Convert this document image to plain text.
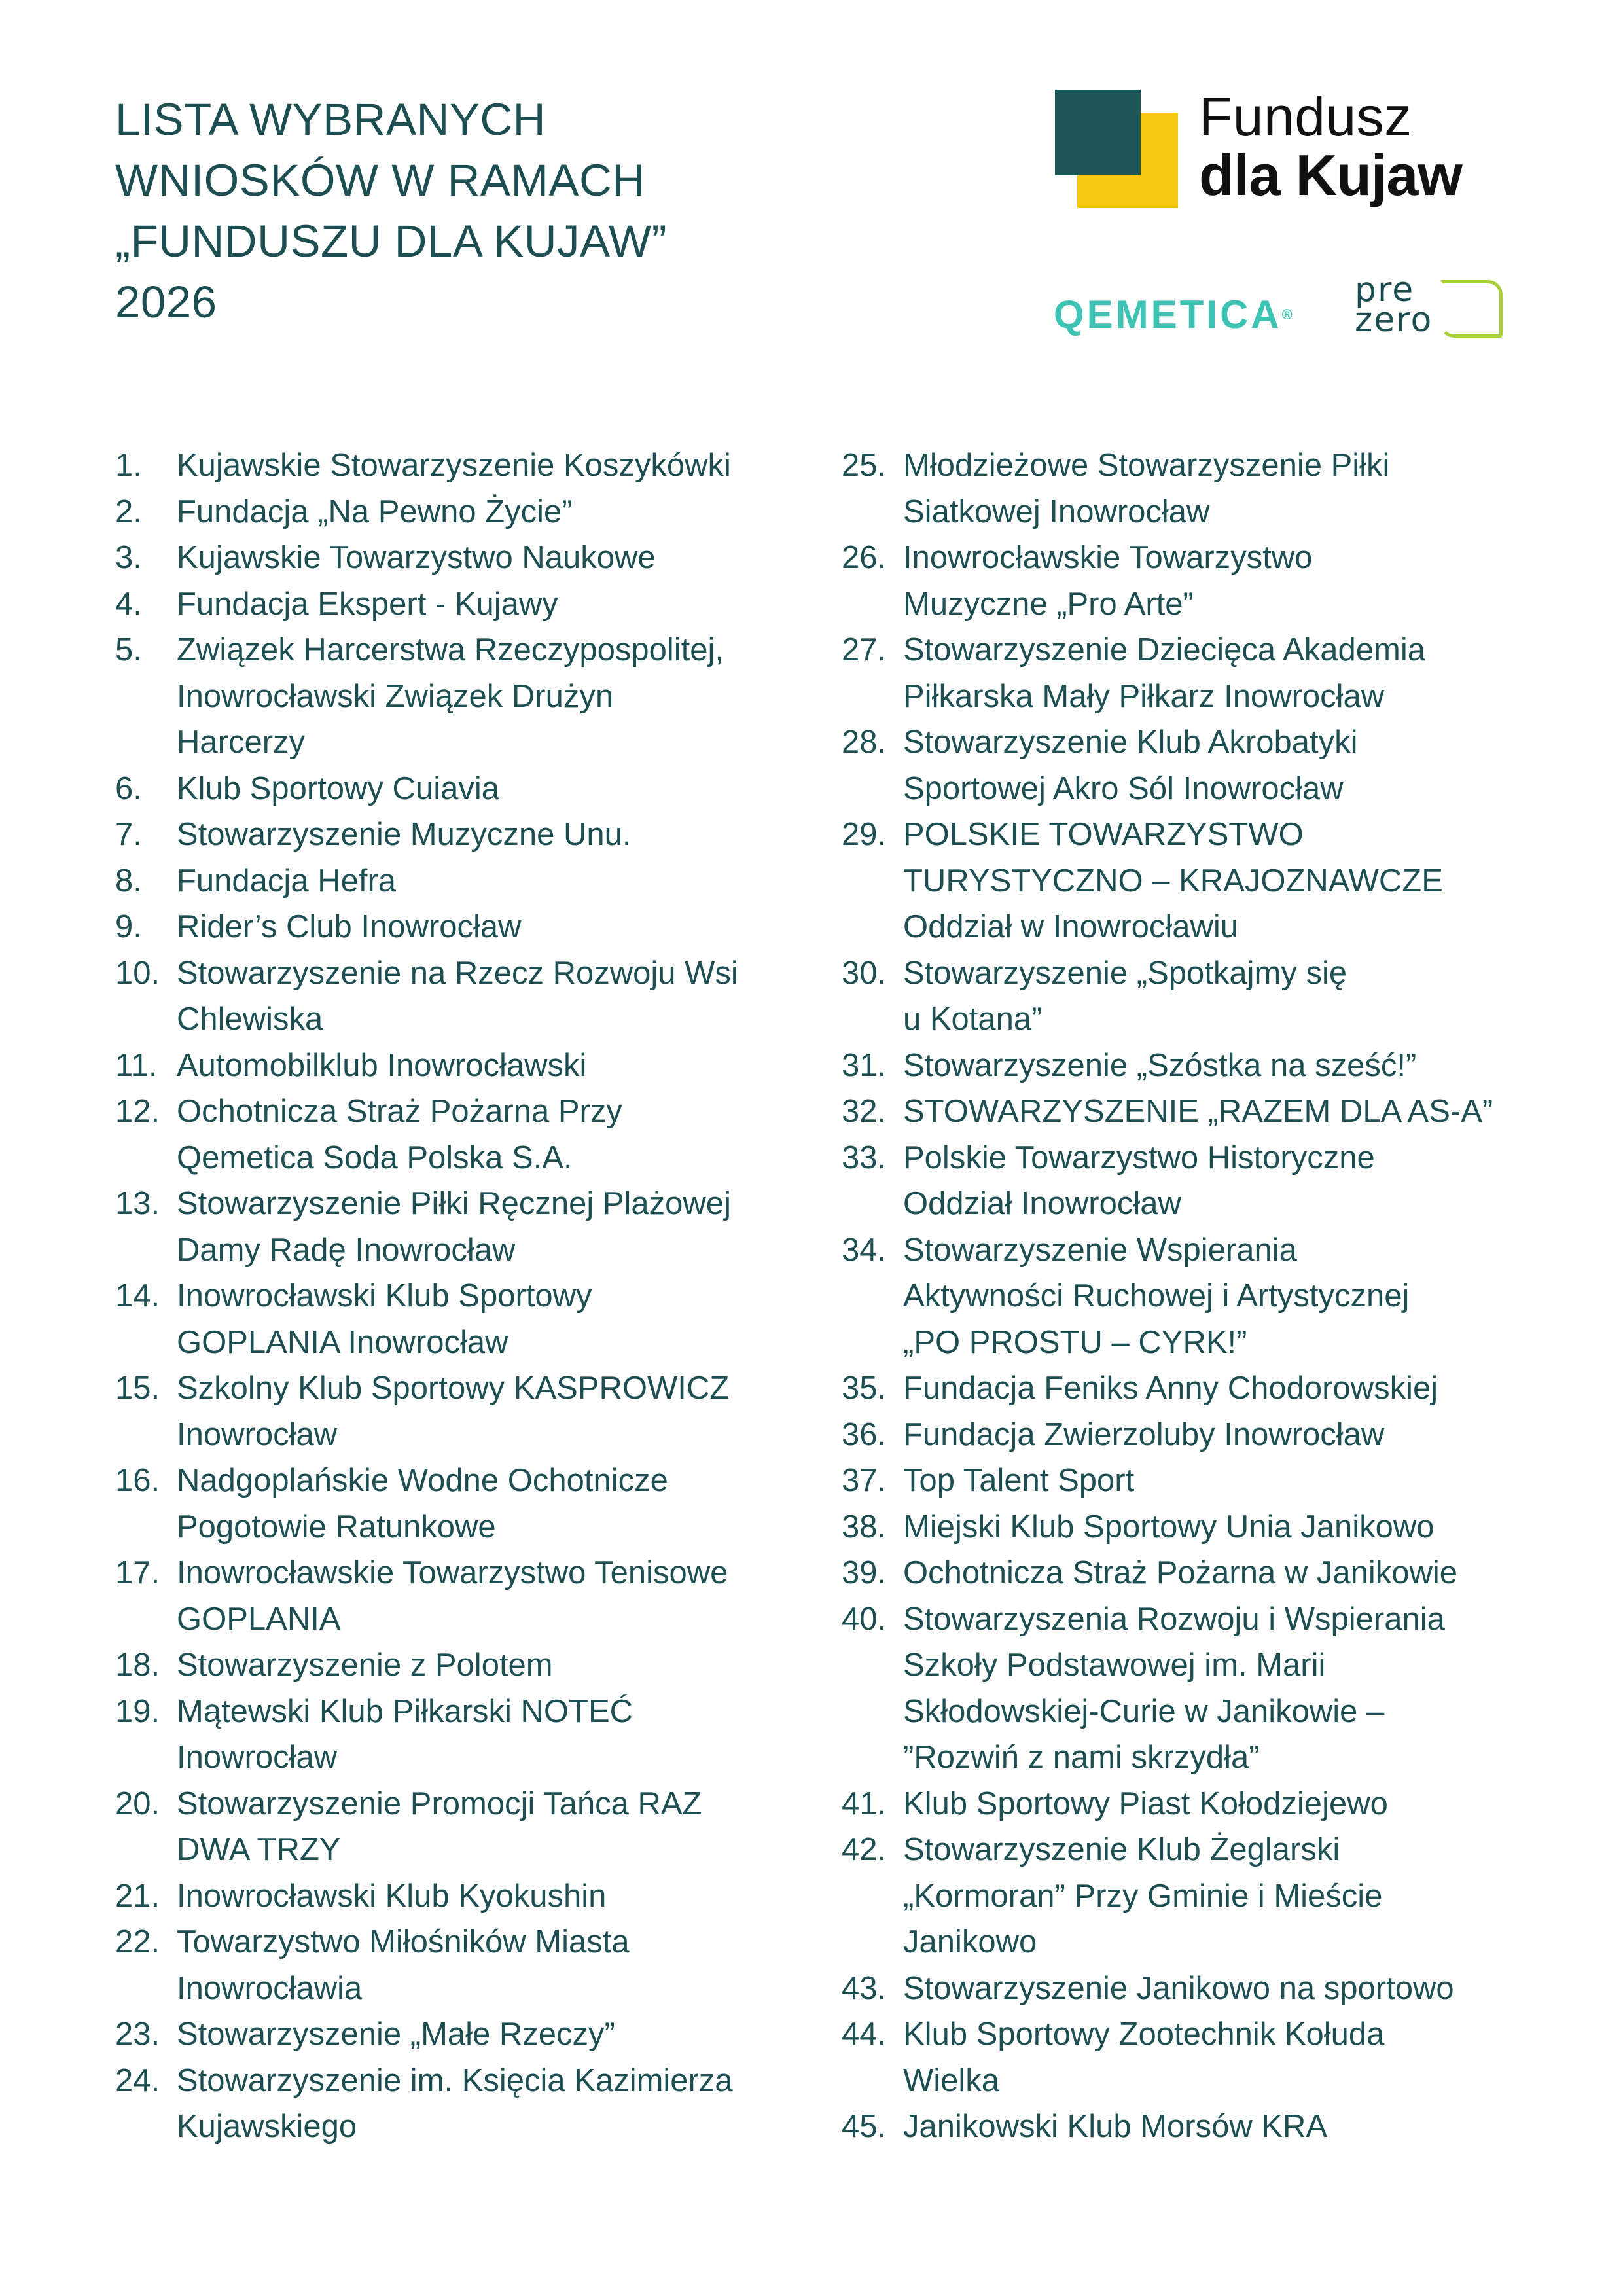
LISTA WYBRANYCH
WNIOSKÓW W RAMACH
„FUNDUSZU DLA KUJAW”
2026
Fundusz
dla Kujaw
QEMETICA®
pre
zero
1.	Kujawskie Stowarzyszenie Koszykówki
2.	Fundacja „Na Pewno Życie”
3.	Kujawskie Towarzystwo Naukowe
4.	Fundacja Ekspert - Kujawy
5.	Związek Harcerstwa Rzeczypospolitej,
Inowrocławski Związek Drużyn
Harcerzy
6.	Klub Sportowy Cuiavia
7.	Stowarzyszenie Muzyczne Unu.
8.	Fundacja Hefra
9.	Rider’s Club Inowrocław
10. Stowarzyszenie na Rzecz Rozwoju Wsi
Chlewiska
11. Automobilklub Inowrocławski
12. Ochotnicza Straż Pożarna Przy
Qemetica Soda Polska S.A.
13. Stowarzyszenie Piłki Ręcznej Plażowej
Damy Radę Inowrocław
14. Inowrocławski Klub Sportowy
GOPLANIA Inowrocław
15. Szkolny Klub Sportowy KASPROWICZ
Inowrocław
16. Nadgoplańskie Wodne Ochotnicze
Pogotowie Ratunkowe
17. Inowrocławskie Towarzystwo Tenisowe
GOPLANIA
18. Stowarzyszenie z Polotem
19. Mątewski Klub Piłkarski NOTEĆ
Inowrocław
20. Stowarzyszenie Promocji Tańca RAZ
DWA TRZY
21. Inowrocławski Klub Kyokushin
22. Towarzystwo Miłośników Miasta
Inowrocławia
23. Stowarzyszenie „Małe Rzeczy”
24. Stowarzyszenie im. Księcia Kazimierza
Kujawskiego
25. Młodzieżowe Stowarzyszenie Piłki
Siatkowej Inowrocław
26. Inowrocławskie Towarzystwo
Muzyczne „Pro Arte”
27. Stowarzyszenie Dziecięca Akademia
Piłkarska Mały Piłkarz Inowrocław
28. Stowarzyszenie Klub Akrobatyki
Sportowej Akro Sól Inowrocław
29. POLSKIE TOWARZYSTWO
TURYSTYCZNO – KRAJOZNAWCZE
Oddział w Inowrocławiu
30. Stowarzyszenie „Spotkajmy się
u Kotana”
31. Stowarzyszenie „Szóstka na sześć!”
32. STOWARZYSZENIE „RAZEM DLA AS-A”
33. Polskie Towarzystwo Historyczne
Oddział Inowrocław
34. Stowarzyszenie Wspierania
Aktywności Ruchowej i Artystycznej
„PO PROSTU – CYRK!”
35. Fundacja Feniks Anny Chodorowskiej
36. Fundacja Zwierzoluby Inowrocław
37. Top Talent Sport
38. Miejski Klub Sportowy Unia Janikowo
39. Ochotnicza Straż Pożarna w Janikowie
40. Stowarzyszenia Rozwoju i Wspierania
Szkoły Podstawowej im. Marii
Skłodowskiej-Curie w Janikowie –
”Rozwiń z nami skrzydła”
41. Klub Sportowy Piast Kołodziejewo
42. Stowarzyszenie Klub Żeglarski
„Kormoran” Przy Gminie i Mieście
Janikowo
43. Stowarzyszenie Janikowo na sportowo
44. Klub Sportowy Zootechnik Kołuda
Wielka
45. Janikowski Klub Morsów KRA
